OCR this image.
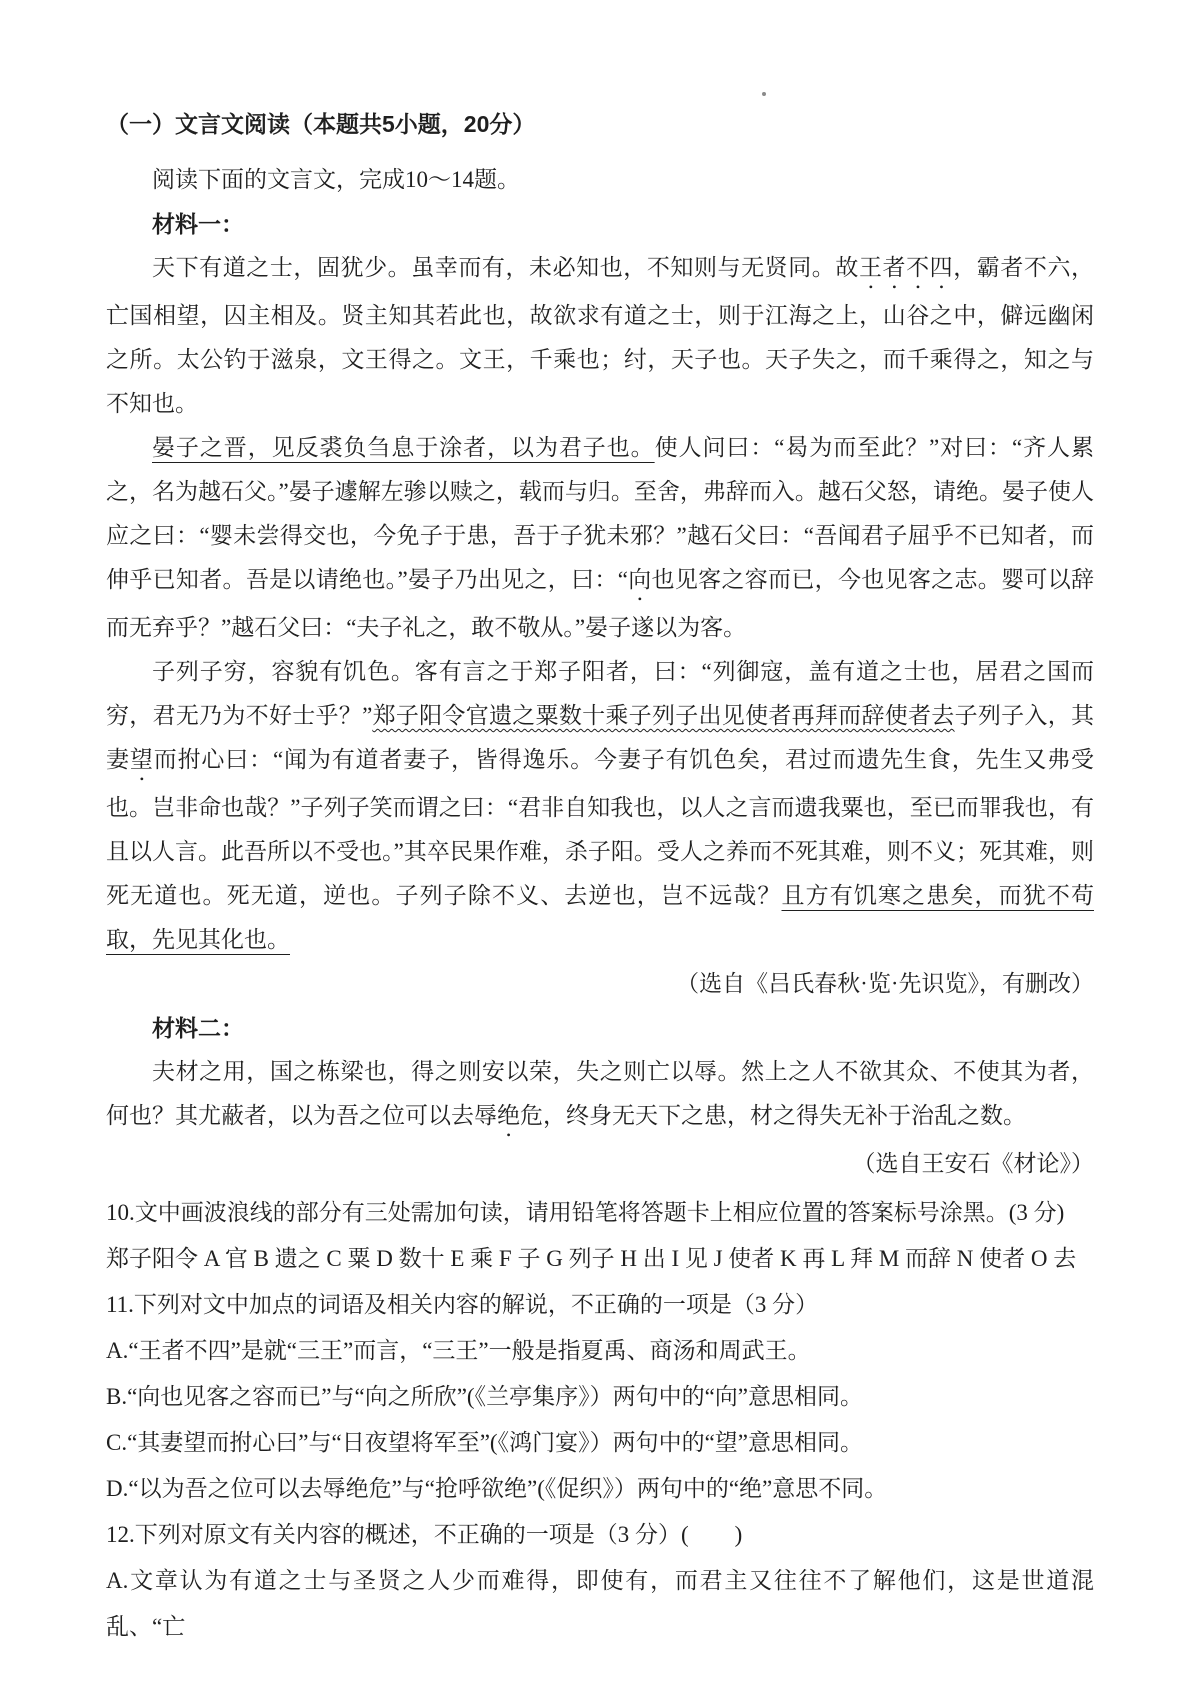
（一）文言文阅读（本题共5小题，20分）

阅读下面的文言文，完成10～14题。

材料一：

天下有道之士，固犹少。虽幸而有，未必知也，不知则与无贤同。故王者不四，霸者不六，亡国相望，囚主相及。贤主知其若此也，故欲求有道之士，则于江海之上，山谷之中，僻远幽闲之所。太公钓于滋泉，文王得之。文王，千乘也；纣，天子也。天子失之，而千乘得之，知之与不知也。

晏子之晋，见反裘负刍息于涂者，以为君子也。使人问曰：“曷为而至此？”对曰：“齐人累之，名为越石父。”晏子遽解左骖以赎之，载而与归。至舍，弗辞而入。越石父怒，请绝。晏子使人应之曰：“婴未尝得交也，今免子于患，吾于子犹未邪？”越石父曰：“吾闻君子屈乎不已知者，而伸乎已知者。吾是以请绝也。”晏子乃出见之，曰：“向也见客之容而已，今也见客之志。婴可以辞而无弃乎？”越石父曰：“夫子礼之，敢不敬从。”晏子遂以为客。

子列子穷，容貌有饥色。客有言之于郑子阳者，曰：“列御寇，盖有道之士也，居君之国而穷，君无乃为不好士乎？”郑子阳令官遗之粟数十乘子列子出见使者再拜而辞使者去子列子入，其妻望而拊心曰：“闻为有道者妻子，皆得逸乐。今妻子有饥色矣，君过而遗先生食，先生又弗受也。岂非命也哉？”子列子笑而谓之曰：“君非自知我也，以人之言而遗我粟也，至已而罪我也，有且以人言。此吾所以不受也。”其卒民果作难，杀子阳。受人之养而不死其难，则不义；死其难，则死无道也。死无道，逆也。子列子除不义、去逆也，岂不远哉？且方有饥寒之患矣，而犹不苟取，先见其化也。

（选自《吕氏春秋·览·先识览》，有删改）

材料二：

夫材之用，国之栋梁也，得之则安以荣，失之则亡以辱。然上之人不欲其众、不使其为者，何也？其尤蔽者，以为吾之位可以去辱绝危，终身无天下之患，材之得失无补于治乱之数。

（选自王安石《材论》）

10.文中画波浪线的部分有三处需加句读，请用铅笔将答题卡上相应位置的答案标号涂黑。(3 分)

郑子阳令 A 官 B 遗之 C 粟 D 数十 E 乘 F 子 G 列子 H 出 I 见 J 使者 K 再 L 拜 M 而辞 N 使者 O 去

11.下列对文中加点的词语及相关内容的解说，不正确的一项是（3 分）

A.“王者不四”是就“三王”而言，“三王”一般是指夏禹、商汤和周武王。

B.“向也见客之容而已”与“向之所欣”(《兰亭集序》）两句中的“向”意思相同。

C.“其妻望而拊心曰”与“日夜望将军至”(《鸿门宴》）两句中的“望”意思相同。

D.“以为吾之位可以去辱绝危”与“抢呼欲绝”(《促织》）两句中的“绝”意思不同。

12.下列对原文有关内容的概述，不正确的一项是（3 分）(　　)

A.文章认为有道之士与圣贤之人少而难得，即使有，而君主又往往不了解他们，这是世道混乱、“亡
